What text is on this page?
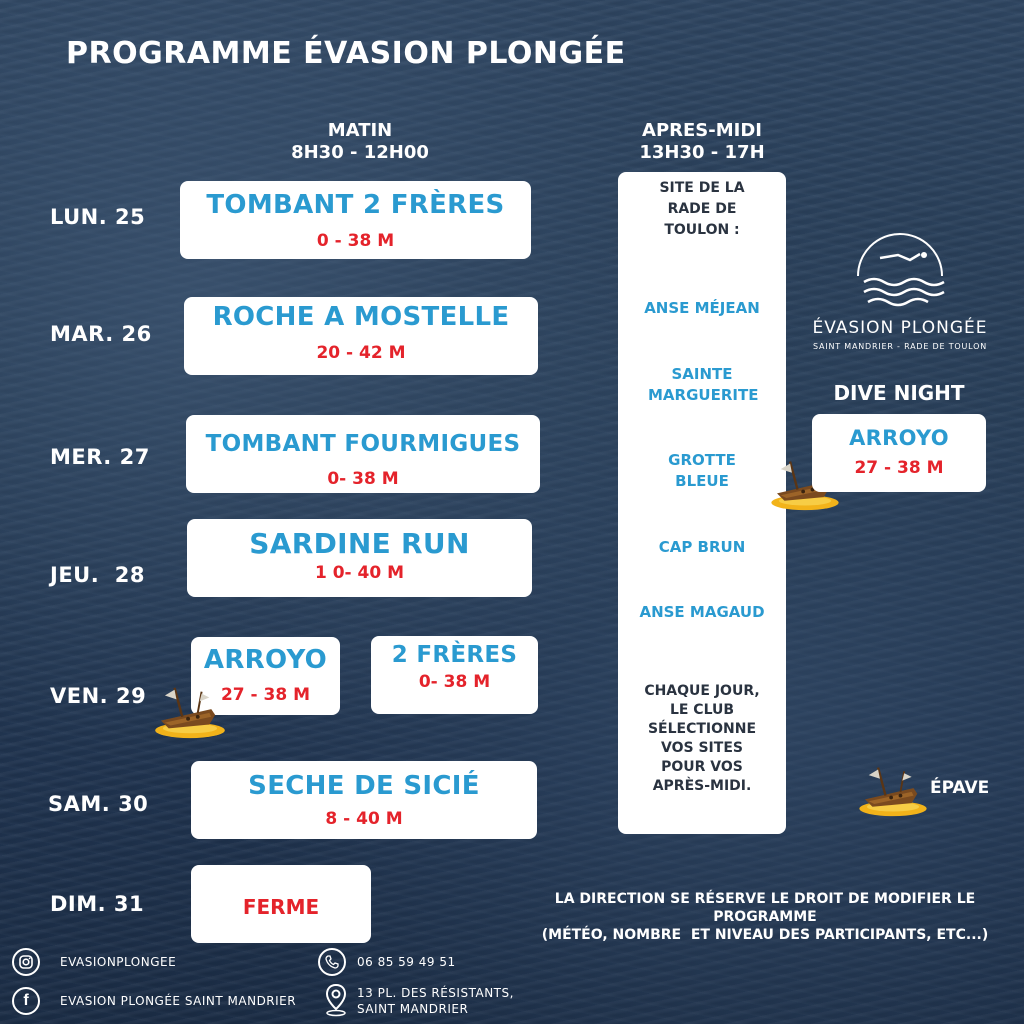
PROGRAMME ÉVASION PLONGÉE
MATIN
8H30 - 12H00
APRES-MIDI
13H30 - 17H
LUN. 25
MAR. 26
MER. 27
JEU.  28
VEN. 29
SAM. 30
DIM. 31
TOMBANT 2 FRÈRES
0 - 38 M
ROCHE A MOSTELLE
20 - 42 M
TOMBANT FOURMIGUES
0- 38 M
SARDINE RUN
1 0- 40 M
ARROYO
27 - 38 M
2 FRÈRES
0- 38 M
SECHE DE SICIÉ
8 - 40 M
FERME
SITE DE LA RADE DE TOULON :
ANSE MÉJEAN
SAINTE MARGUERITE
GROTTE BLEUE
CAP BRUN
ANSE MAGAUD
CHAQUE JOUR, LE CLUB SÉLECTIONNE VOS SITES POUR VOS APRÈS-MIDI.
ÉVASION PLONGÉE
SAINT MANDRIER - RADE DE TOULON
DIVE NIGHT
ARROYO
27 - 38 M
ÉPAVE
LA DIRECTION SE RÉSERVE LE DROIT DE MODIFIER LE
PROGRAMME
(MÉTÉO, NOMBRE  ET NIVEAU DES PARTICIPANTS, ETC...)
EVASIONPLONGEE
f	EVASION PLONGÉE SAINT MANDRIER
06 85 59 49 51
13 PL. DES RÉSISTANTS,
SAINT MANDRIER
